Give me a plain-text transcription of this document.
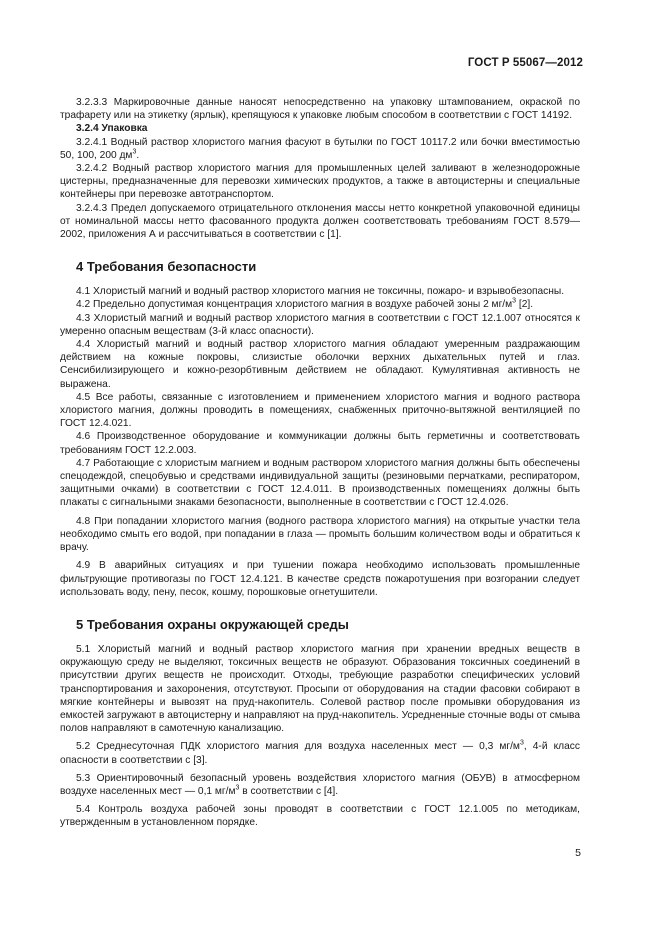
ГОСТ Р 55067—2012

3.2.3.3 Маркировочные данные наносят непосредственно на упаковку штампованием, окраской по трафарету или на этикетку (ярлык), крепящуюся к упаковке любым способом в соответствии с ГОСТ 14192.

3.2.4 Упаковка

3.2.4.1 Водный раствор хлористого магния фасуют в бутылки по ГОСТ 10117.2 или бочки вместимостью 50, 100, 200 $дм^3$.

3.2.4.2 Водный раствор хлористого магния для промышленных целей заливают в железнодорожные цистерны, предназначенные для перевозки химических продуктов, а также в автоцистерны и специальные контейнеры при перевозке автотранспортом.

3.2.4.3 Предел допускаемого отрицательного отклонения массы нетто конкретной упаковочной единицы от номинальной массы нетто фасованного продукта должен соответствовать требованиям ГОСТ 8.579—2002, приложения А и рассчитываться в соответствии с [1].

4 Требования безопасности

4.1 Хлористый магний и водный раствор хлористого магния не токсичны, пожаро- и взрывобезопасны.

4.2 Предельно допустимая концентрация хлористого магния в воздухе рабочей зоны 2 $мг/м^3$ [2].

4.3 Хлористый магний и водный раствор хлористого магния в соответствии с ГОСТ 12.1.007 относятся к умеренно опасным веществам (3-й класс опасности).

4.4 Хлористый магний и водный раствор хлористого магния обладают умеренным раздражающим действием на кожные покровы, слизистые оболочки верхних дыхательных путей и глаз. Сенсибилизирующего и кожно-резорбтивным действием не обладают. Кумулятивная активность не выражена.

4.5 Все работы, связанные с изготовлением и применением хлористого магния и водного раствора хлористого магния, должны проводить в помещениях, снабженных приточно-вытяжной вентиляцией по ГОСТ 12.4.021.

4.6 Производственное оборудование и коммуникации должны быть герметичны и соответствовать требованиям ГОСТ 12.2.003.

4.7 Работающие с хлористым магнием и водным раствором хлористого магния должны быть обеспечены спецодеждой, спецобувью и средствами индивидуальной защиты (резиновыми перчатками, респиратором, защитными очками) в соответствии с ГОСТ 12.4.011. В производственных помещениях должны быть плакаты с сигнальными знаками безопасности, выполненные в соответствии с ГОСТ 12.4.026.

4.8 При попадании хлористого магния (водного раствора хлористого магния) на открытые участки тела необходимо смыть его водой, при попадании в глаза — промыть большим количеством воды и обратиться к врачу.

4.9 В аварийных ситуациях и при тушении пожара необходимо использовать промышленные фильтрующие противогазы по ГОСТ 12.4.121. В качестве средств пожаротушения при возгорании следует использовать воду, пену, песок, кошму, порошковые огнетушители.

5 Требования охраны окружающей среды

5.1 Хлористый магний и водный раствор хлористого магния при хранении вредных веществ в окружающую среду не выделяют, токсичных веществ не образуют. Образования токсичных соединений в присутствии других веществ не происходит. Отходы, требующие разработки специфических условий транспортирования и захоронения, отсутствуют. Просыпи от оборудования на стадии фасовки собирают в мягкие контейнеры и вывозят на пруд-накопитель. Солевой раствор после промывки оборудования из емкостей загружают в автоцистерну и направляют на пруд-накопитель. Усредненные сточные воды от смыва полов направляют в самотечную канализацию.

5.2 Среднесуточная ПДК хлористого магния для воздуха населенных мест — 0,3 $мг/м^3$, 4-й класс опасности в соответствии с [3].

5.3 Ориентировочный безопасный уровень воздействия хлористого магния (ОБУВ) в атмосферном воздухе населенных мест — 0,1 $мг/м^3$ в соответствии с [4].

5.4 Контроль воздуха рабочей зоны проводят в соответствии с ГОСТ 12.1.005 по методикам, утвержденным в установленном порядке.

5
